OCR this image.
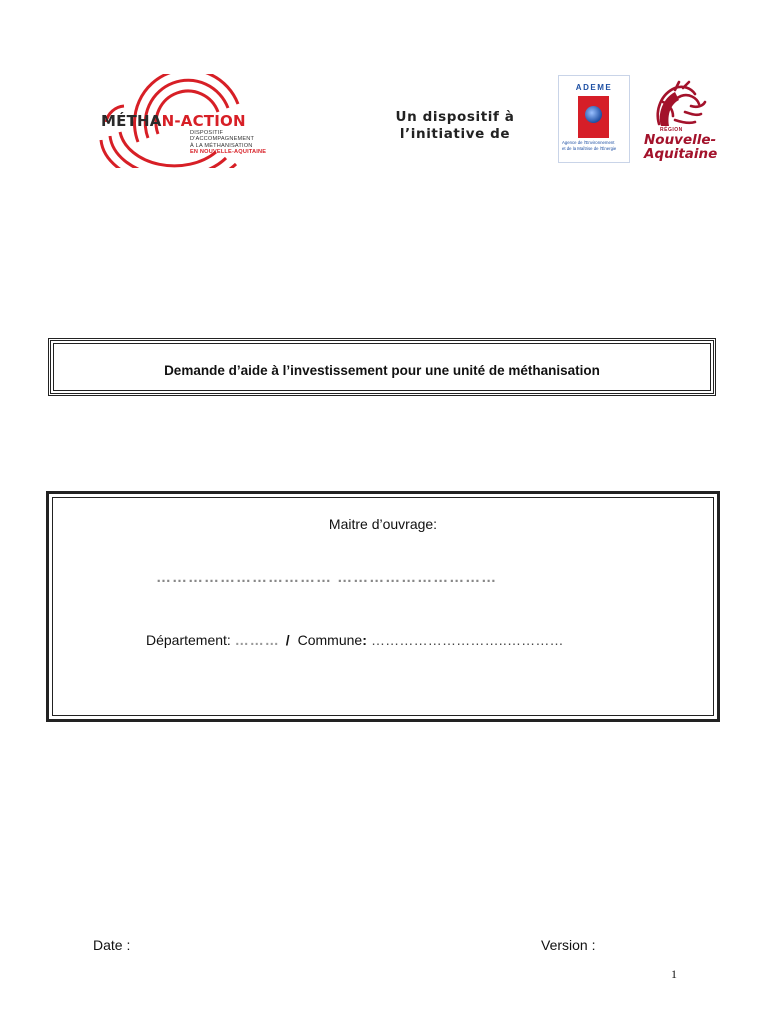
MÉTHAN-ACTION
DISPOSITIF
D'ACCOMPAGNEMENT
À LA MÉTHANISATION
EN NOUVELLE-AQUITAINE
Un dispositif à
l’initiative de
ADEME
Agence de l'Environnement
et de la Maîtrise de l'Énergie
RÉGION
Nouvelle-
Aquitaine
Demande d’aide à l’investissement pour une unité de méthanisation
Maitre d’ouvrage:
…………………………… …………………………
Département: ……… / Commune: ………………………..…………
Date :	Version :
1
